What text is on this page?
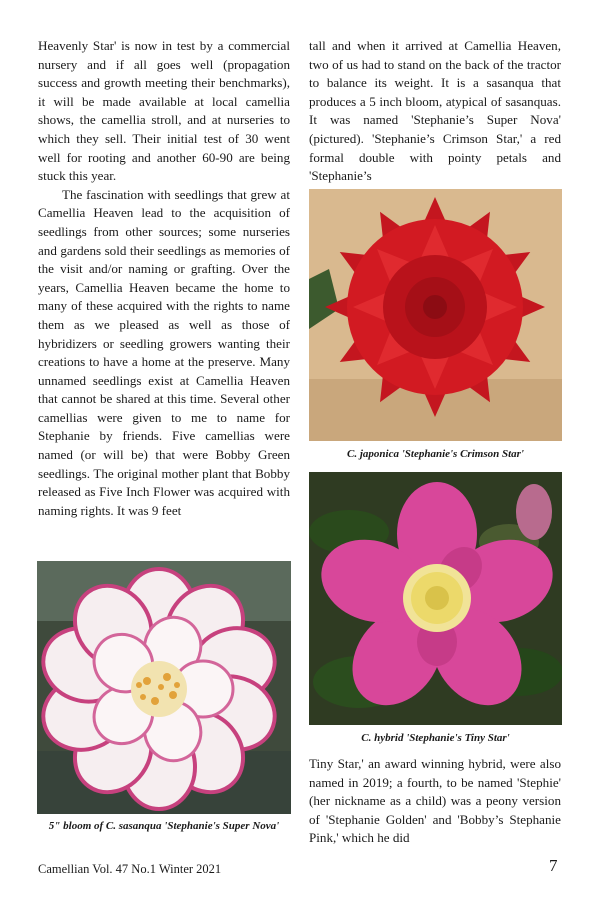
Heavenly Star' is now in test by a commercial nursery and if all goes well (propagation success and growth meeting their benchmarks), it will be made available at local camellia shows, the camellia stroll, and at nurseries to which they sell. Their initial test of 30 went well for rooting and another 60-90 are being stuck this year.

The fascination with seedlings that grew at Camellia Heaven lead to the acquisition of seedlings from other sources; some nurseries and gardens sold their seedlings as memories of the visit and/or naming or grafting. Over the years, Camellia Heaven became the home to many of these acquired with the rights to name them as we pleased as well as those of hybridizers or seedling growers wanting their creations to have a home at the preserve. Many unnamed seedlings exist at Camellia Heaven that cannot be shared at this time. Several other camellias were given to me to name for Stephanie by friends. Five camellias were named (or will be) that were Bobby Green seedlings. The original mother plant that Bobby released as Five Inch Flower was acquired with naming rights. It was 9 feet

tall and when it arrived at Camellia Heaven, two of us had to stand on the back of the tractor to balance its weight. It is a sasanqua that produces a 5 inch bloom, atypical of sasanquas. It was named 'Stephanie’s Super Nova' (pictured). 'Stephanie’s Crimson Star,' a red formal double with pointy petals and 'Stephanie’s

5" bloom of C. sasanqua 'Stephanie's Super Nova'
C. japonica 'Stephanie's Crimson Star'
C. hybrid 'Stephanie's Tiny Star'

Tiny Star,' an award winning hybrid, were also named in 2019; a fourth, to be named 'Stephie' (her nickname as a child) was a peony version of 'Stephanie Golden' and 'Bobby’s Stephanie Pink,' which he did

Camellian Vol. 47 No.1 Winter 2021	7
